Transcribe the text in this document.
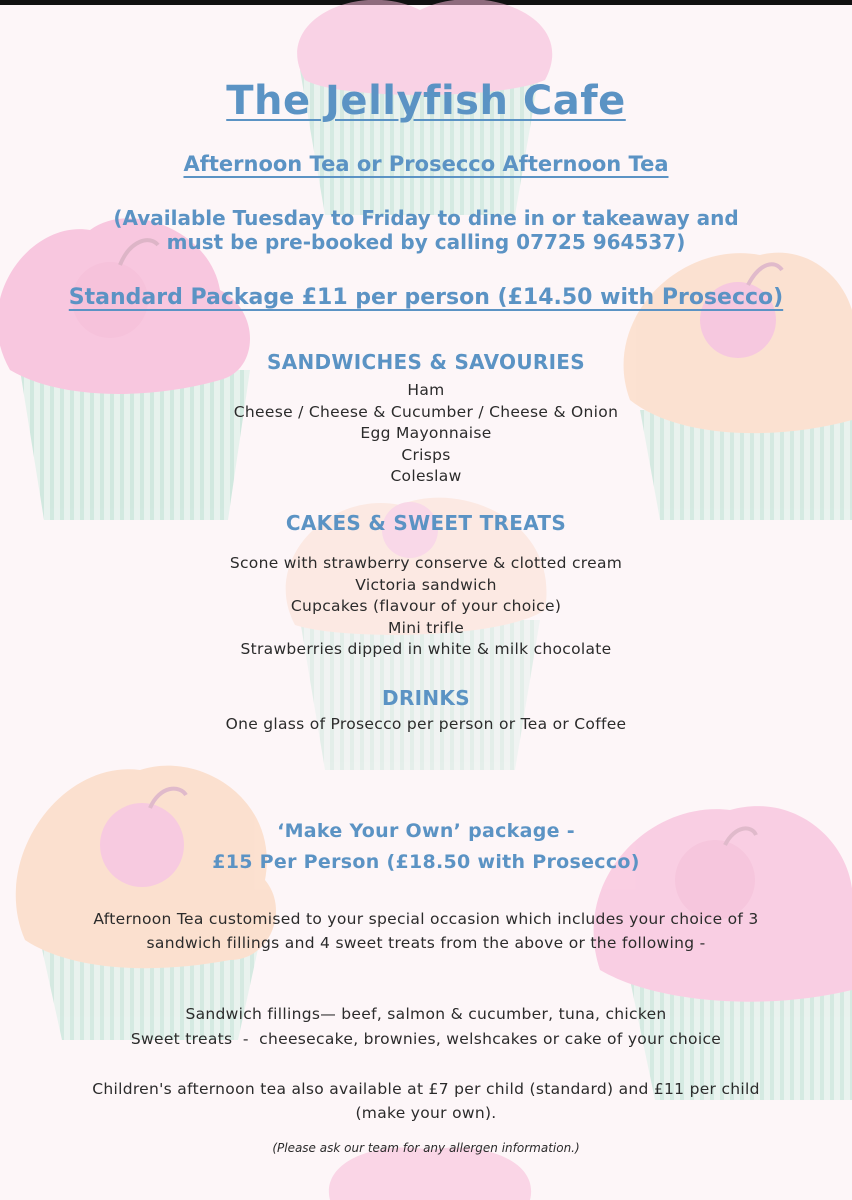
The Jellyfish Cafe
Afternoon Tea or Prosecco Afternoon Tea
(Available Tuesday to Friday to dine in or takeaway and
must be pre-booked by calling 07725 964537)
Standard Package £11 per person (£14.50 with Prosecco)
SANDWICHES & SAVOURIES
Ham
Cheese / Cheese & Cucumber / Cheese & Onion
Egg Mayonnaise
Crisps
Coleslaw
CAKES & SWEET TREATS
Scone with strawberry conserve & clotted cream
Victoria sandwich
Cupcakes (flavour of your choice)
Mini trifle
Strawberries dipped in white & milk chocolate
DRINKS
One glass of Prosecco per person or Tea or Coffee
‘Make Your Own’ package -
£15 Per Person (£18.50 with Prosecco)
Afternoon Tea customised to your special occasion which includes your choice of 3 sandwich fillings and 4 sweet treats from the above or the following -
Sandwich fillings— beef, salmon & cucumber, tuna, chicken
Sweet treats  -  cheesecake, brownies, welshcakes or cake of your choice
Children's afternoon tea also available at £7 per child (standard) and £11 per child (make your own).
(Please ask our team for any allergen information.)
